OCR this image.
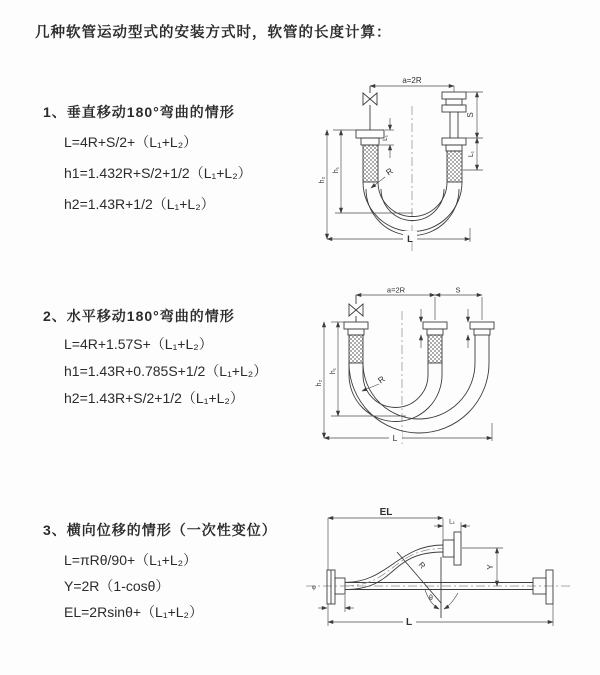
几种软管运动型式的安装方式时，软管的长度计算：
1、垂直移动180°弯曲的情形
L=4R+S/2+（L₁+L₂）
h1=1.432R+S/2+1/2（L₁+L₂）
h2=1.43R+1/2（L₁+L₂）
2、水平移动180°弯曲的情形
L=4R+1.57S+（L₁+L₂）
h1=1.43R+0.785S+1/2（L₁+L₂）
h2=1.43R+S/2+1/2（L₁+L₂）
3、横向位移的情形（一次性变位）
L=πRθ/90+（L₁+L₂）
Y=2R（1-cosθ）
EL=2Rsinθ+（L₁+L₂）
a=2R
S
L₁
L₁
h₁
h₂
R
L
a=2R	S
h₁
h₂	R
L
EL
L₁
Y
R
θ
L
φ
